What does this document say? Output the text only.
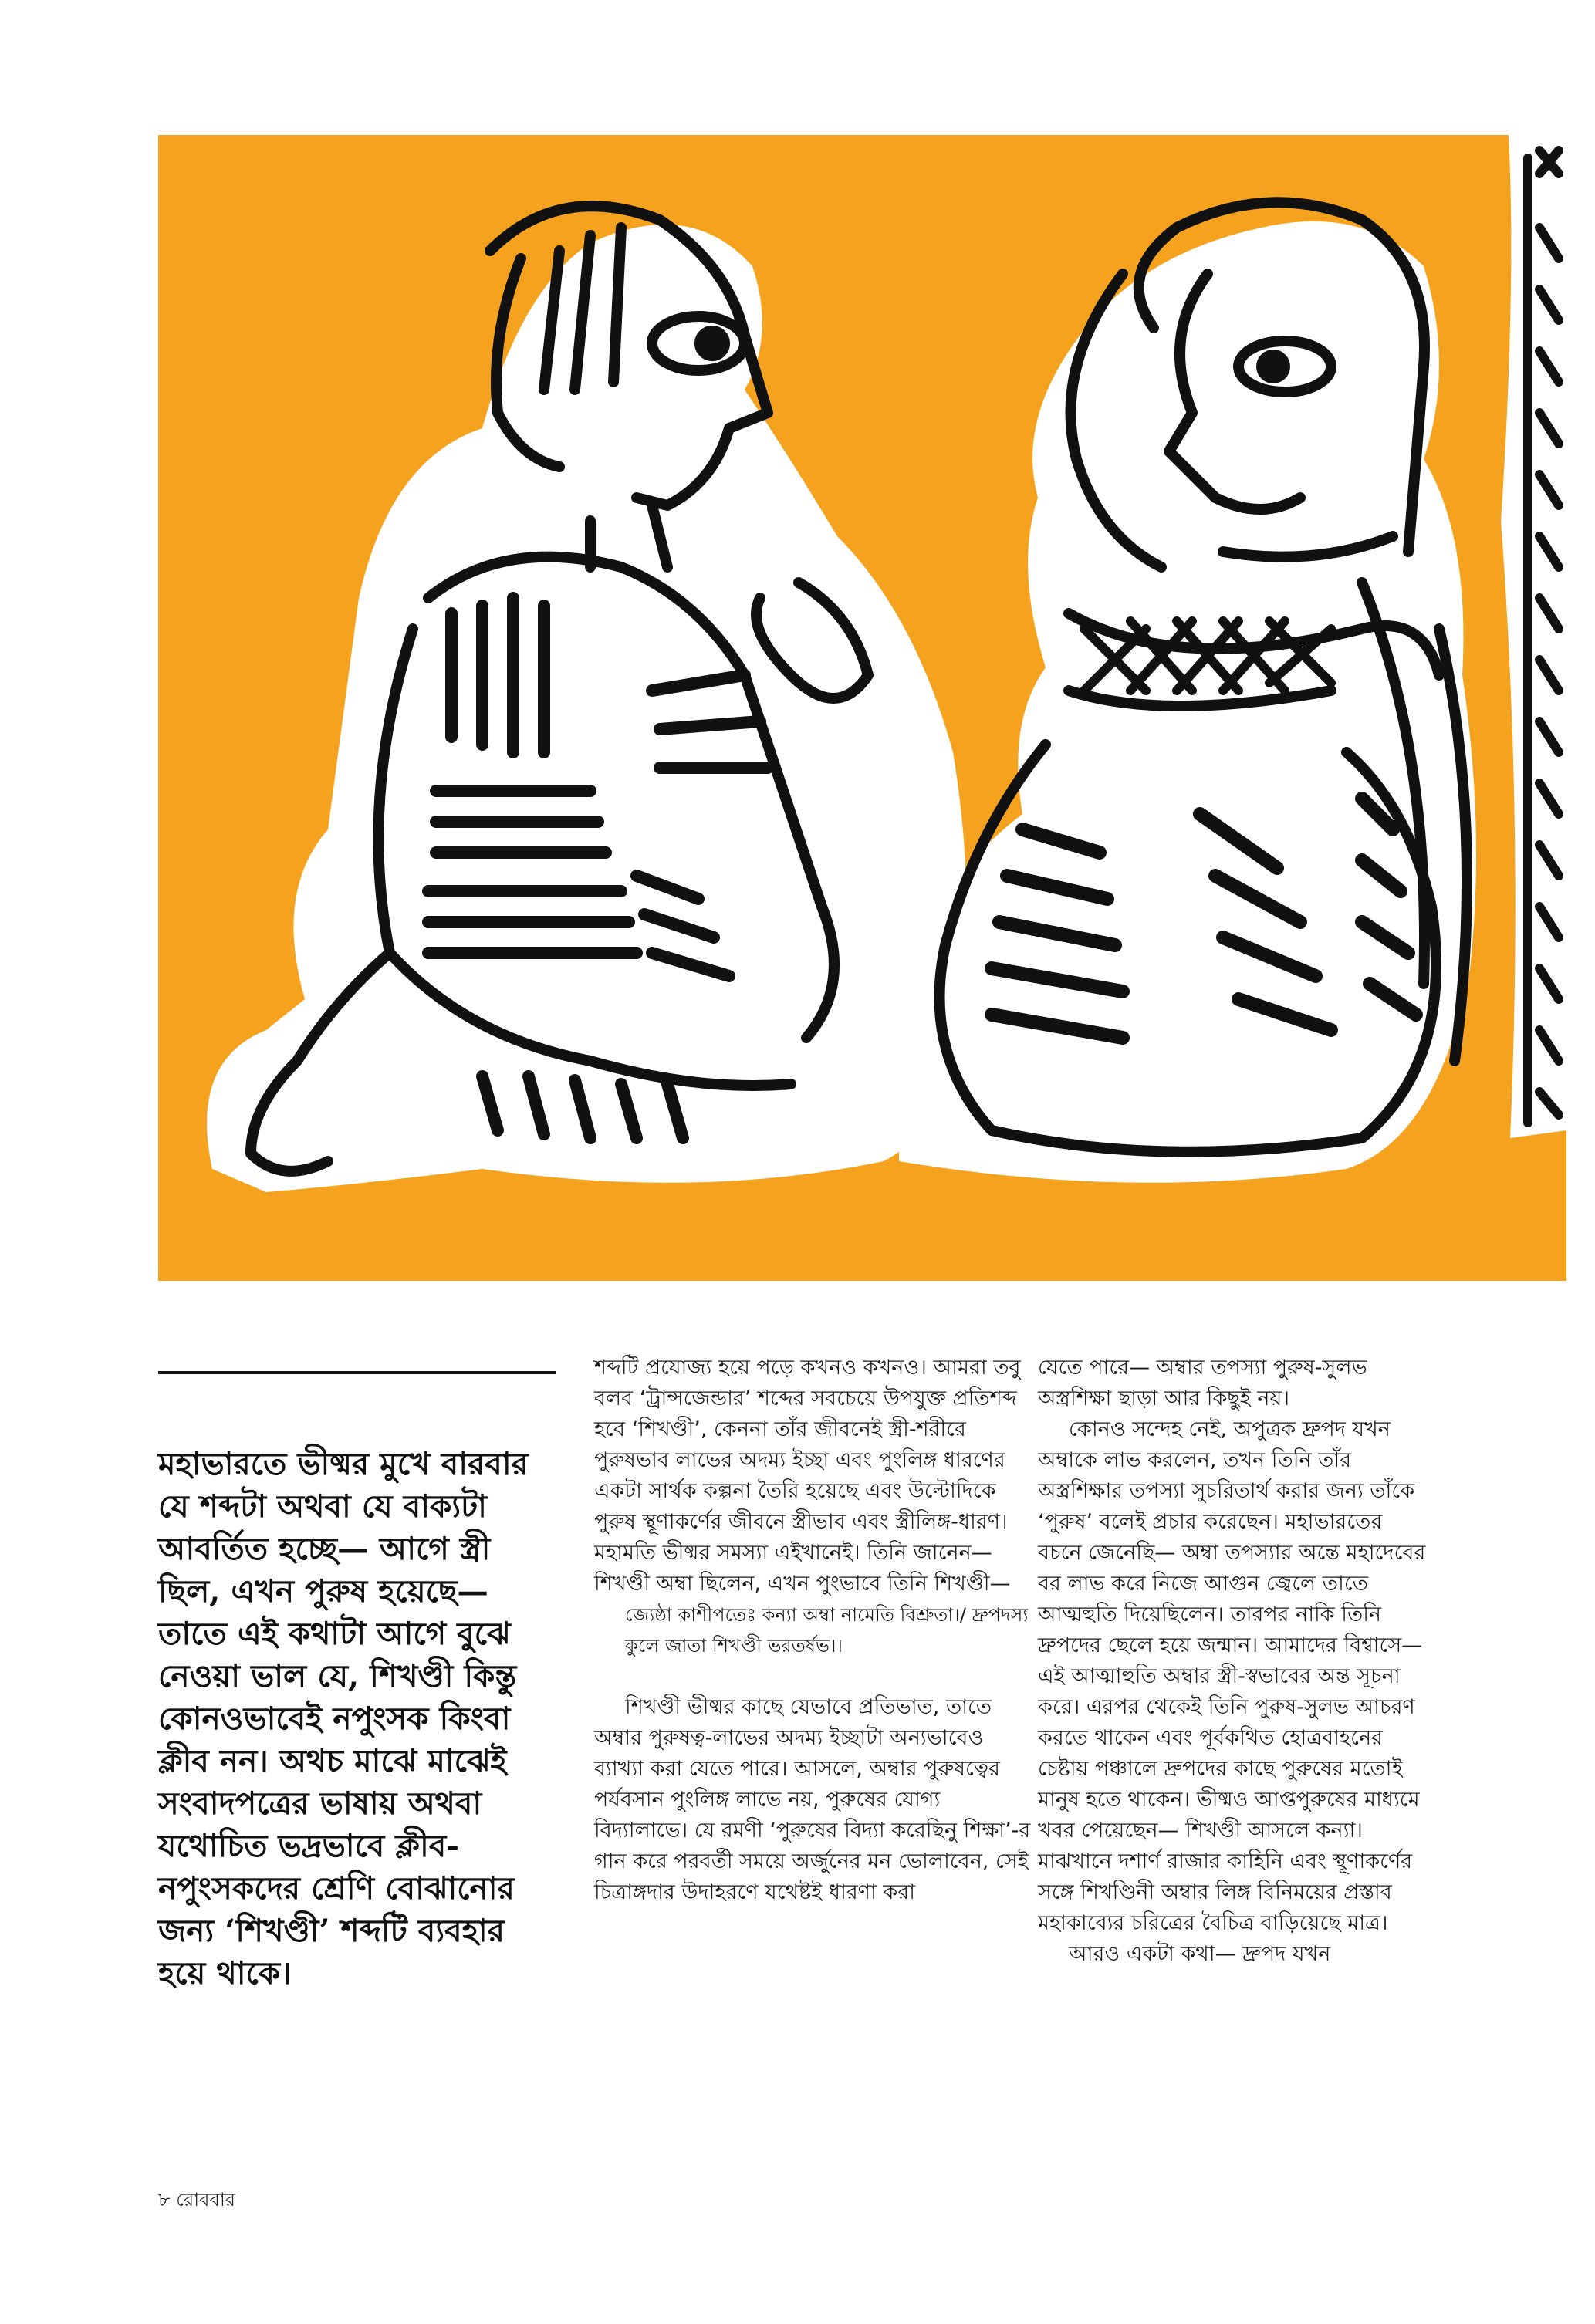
মহাভারতে ভীষ্মর মুখে বারবার যে শব্দটা অথবা যে বাক্যটা আবর্তিত হচ্ছে— আগে স্ত্রী ছিল, এখন পুরুষ হয়েছে— তাতে এই কথাটা আগে বুঝে নেওয়া ভাল যে, শিখণ্ডী কিন্তু কোনওভাবেই নপুংসক কিংবা ক্লীব নন। অথচ মাঝে মাঝেই সংবাদপত্রের ভাষায় অথবা যথোচিত ভদ্রভাবে ক্লীব-নপুংসকদের শ্রেণি বোঝানোর জন্য ‘শিখণ্ডী’ শব্দটি ব্যবহার হয়ে থাকে।

শব্দটি প্রযোজ্য হয়ে পড়ে কখনও কখনও। আমরা তবু বলব ‘ট্রান্সজেন্ডার’ শব্দের সবচেয়ে উপযুক্ত প্রতিশব্দ হবে ‘শিখণ্ডী’, কেননা তাঁর জীবনেই স্ত্রী-শরীরে পুরুষভাব লাভের অদম্য ইচ্ছা এবং পুংলিঙ্গ ধারণের একটা সার্থক কল্পনা তৈরি হয়েছে এবং উল্টোদিকে পুরুষ স্থূণাকর্ণের জীবনে স্ত্রীভাব এবং স্ত্রীলিঙ্গ-ধারণ। মহামতি ভীষ্মর সমস্যা এইখানেই। তিনি জানেন— শিখণ্ডী অম্বা ছিলেন, এখন পুংভাবে তিনি শিখণ্ডী—

জ্যেষ্ঠা কাশীপতেঃ কন্যা অম্বা নামেতি বিশ্রুতা।/ দ্রুপদস্য কুলে জাতা শিখণ্ডী ভরতর্ষভ।।

শিখণ্ডী ভীষ্মর কাছে যেভাবে প্রতিভাত, তাতে অম্বার পুরুষত্ব-লাভের অদম্য ইচ্ছাটা অন্যভাবেও ব্যাখ্যা করা যেতে পারে। আসলে, অম্বার পুরুষত্বের পর্যবসান পুংলিঙ্গ লাভে নয়, পুরুষের যোগ্য বিদ্যালাভে। যে রমণী ‘পুরুষের বিদ্যা করেছিনু শিক্ষা’-র গান করে পরবর্তী সময়ে অর্জুনের মন ভোলাবেন, সেই চিত্রাঙ্গদার উদাহরণে যথেষ্টই ধারণা করা

যেতে পারে— অম্বার তপস্যা পুরুষ-সুলভ অস্ত্রশিক্ষা ছাড়া আর কিছুই নয়।

কোনও সন্দেহ নেই, অপুত্রক দ্রুপদ যখন অম্বাকে লাভ করলেন, তখন তিনি তাঁর অস্ত্রশিক্ষার তপস্যা সুচরিতার্থ করার জন্য তাঁকে ‘পুরুষ’ বলেই প্রচার করেছেন। মহাভারতের বচনে জেনেছি— অম্বা তপস্যার অন্তে মহাদেবের বর লাভ করে নিজে আগুন জ্বেলে তাতে আত্মহুতি দিয়েছিলেন। তারপর নাকি তিনি দ্রুপদের ছেলে হয়ে জন্মান। আমাদের বিশ্বাসে— এই আত্মাহুতি অম্বার স্ত্রী-স্বভাবের অন্ত সূচনা করে। এরপর থেকেই তিনি পুরুষ-সুলভ আচরণ করতে থাকেন এবং পূর্বকথিত হোত্রবাহনের চেষ্টায় পঞ্চালে দ্রুপদের কাছে পুরুষের মতোই মানুষ হতে থাকেন। ভীষ্মও আপ্তপুরুষের মাধ্যমে খবর পেয়েছেন— শিখণ্ডী আসলে কন্যা। মাঝখানে দশার্ণ রাজার কাহিনি এবং স্থূণাকর্ণের সঙ্গে শিখণ্ডিনী অম্বার লিঙ্গ বিনিময়ের প্রস্তাব মহাকাব্যের চরিত্রের বৈচিত্র বাড়িয়েছে মাত্র।

আরও একটা কথা— দ্রুপদ যখন

৮ রোববার
